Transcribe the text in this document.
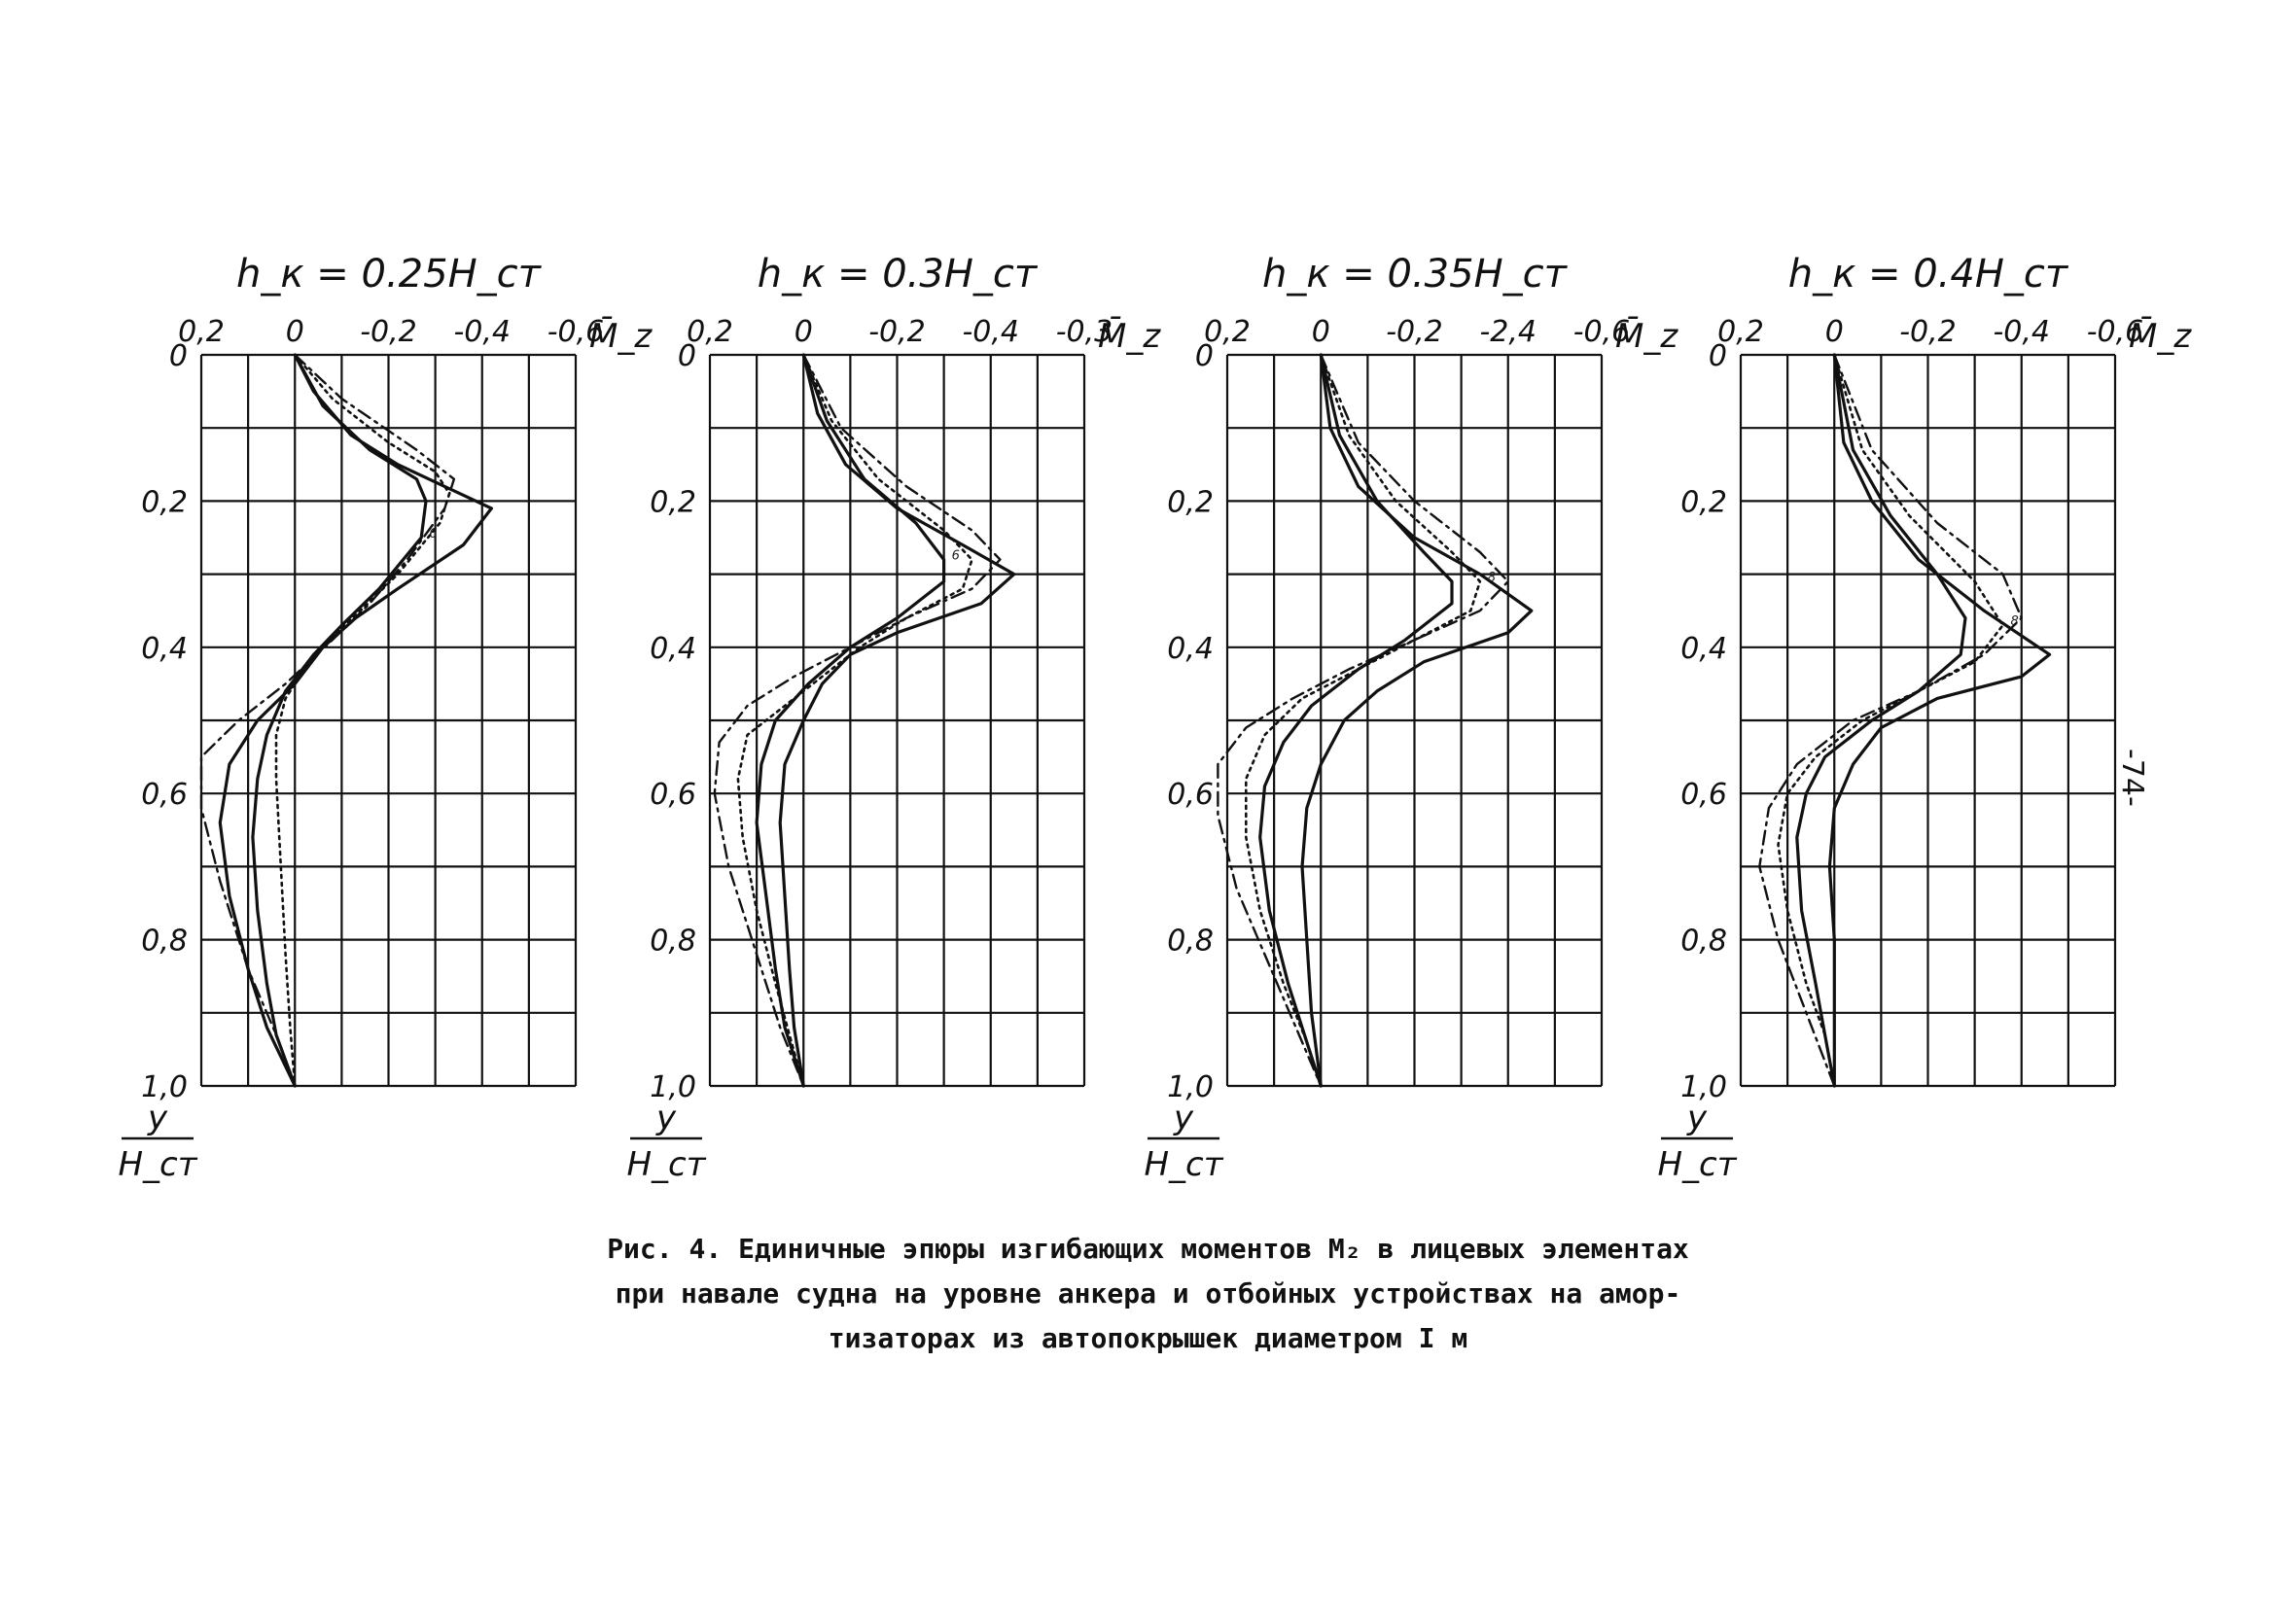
0,2 0 -0,2 -0,4 -0,6
0
0,2
0,4
0,6
0,8
1,0
h_к = 0.25H_ст
M̄_z
y
H_ст
6
0,2 0 -0,2 -0,4 -0,3
0
0,2
0,4
0,6
0,8
1,0
h_к = 0.3H_ст
M̄_z
y
H_ст
6
0,2 0 -0,2 -2,4 -0,6
0
0,2
0,4
0,6
0,8
1,0
h_к = 0.35H_ст
M̄_z
y
H_ст
8
0,2 0 -0,2 -0,4 -0,6
0
0,2
0,4
0,6
0,8
1,0
h_к = 0.4H_ст
M̄_z
y
H_ст
8
Рис. 4. Единичные эпюры изгибающих моментов M₂ в лицевых элементах
при навале судна на уровне анкера и отбойных устройствах на амор-
тизаторах из автопокрышек диаметром I м
-74-
